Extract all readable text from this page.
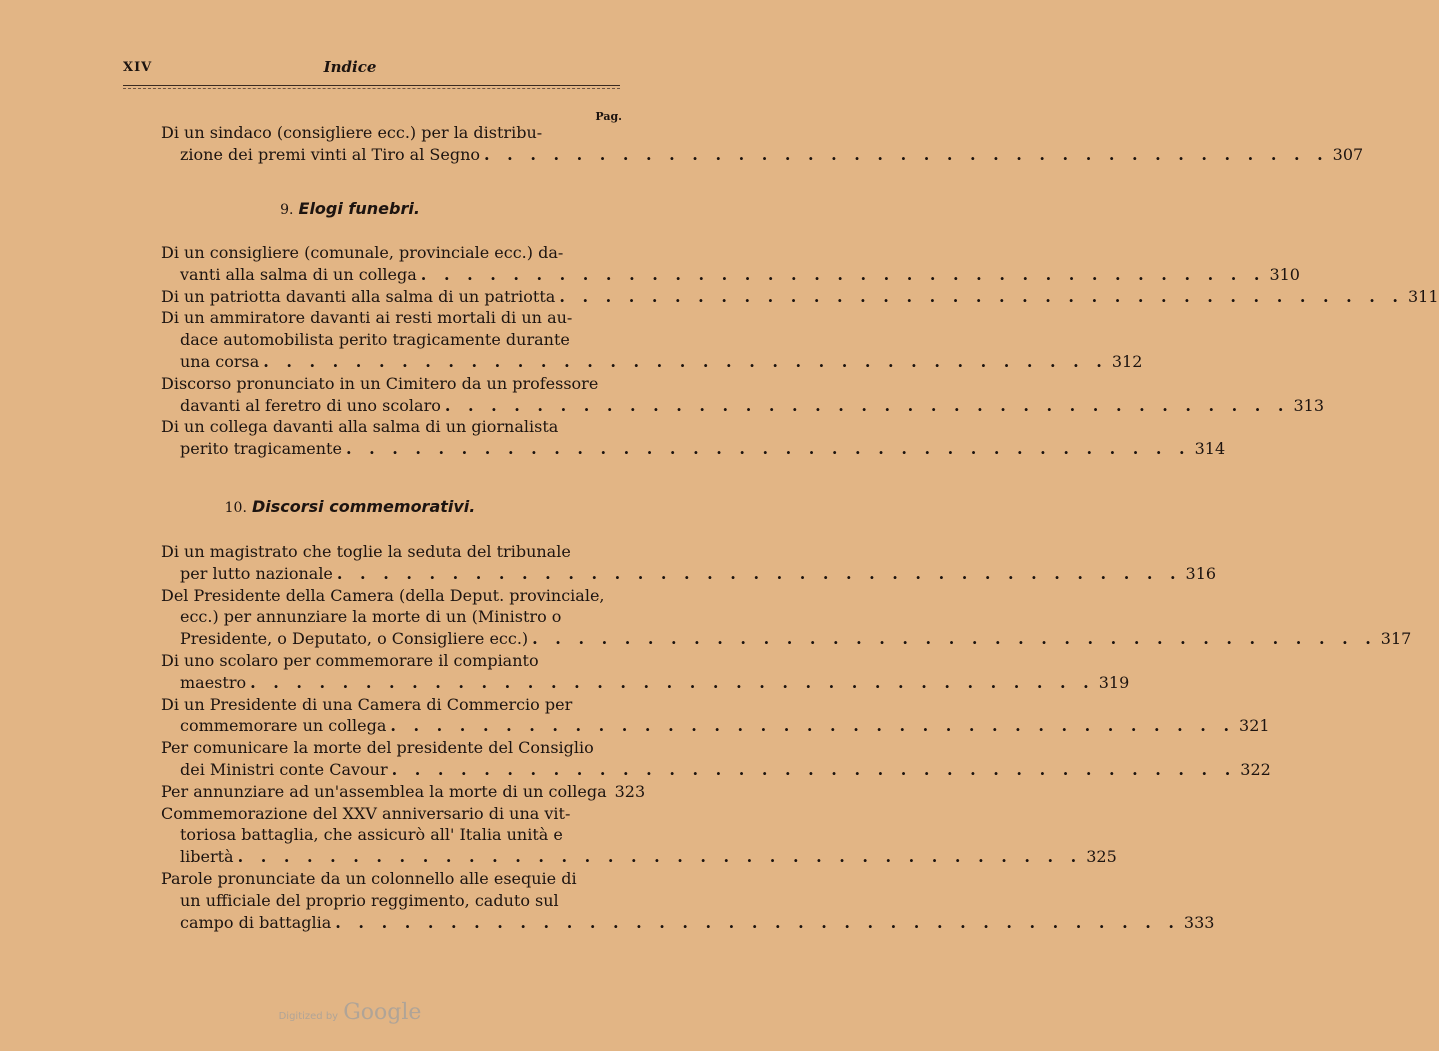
XIV	Indice
Pag.
Di un sindaco (consigliere ecc.) per la distribu-
zione dei premi vinti al Tiro al Segno . . . . . . . . . . . . . . . . . . . . . . . . . . . . . . . . . . . . . 307
9. Elogi funebri.
Di un consigliere (comunale, provinciale ecc.) da-
vanti alla salma di un collega . . . . . . . . . . . . . . . . . . . . . . . . . . . . . . . . . . . . . 310
Di un patriotta davanti alla salma di un patriotta . . . . . . . . . . . . . . . . . . . . . . . . . . . . . . . . . . . . . 311
Di un ammiratore davanti ai resti mortali di un au-
dace automobilista perito tragicamente durante
una corsa . . . . . . . . . . . . . . . . . . . . . . . . . . . . . . . . . . . . . 312
Discorso pronunciato in un Cimitero da un professore
davanti al feretro di uno scolaro . . . . . . . . . . . . . . . . . . . . . . . . . . . . . . . . . . . . . 313
Di un collega davanti alla salma di un giornalista
perito tragicamente . . . . . . . . . . . . . . . . . . . . . . . . . . . . . . . . . . . . . 314
10. Discorsi commemorativi.
Di un magistrato che toglie la seduta del tribunale
per lutto nazionale . . . . . . . . . . . . . . . . . . . . . . . . . . . . . . . . . . . . . 316
Del Presidente della Camera (della Deput. provinciale,
ecc.) per annunziare la morte di un (Ministro o
Presidente, o Deputato, o Consigliere ecc.) . . . . . . . . . . . . . . . . . . . . . . . . . . . . . . . . . . . . . 317
Di uno scolaro per commemorare il compianto
maestro . . . . . . . . . . . . . . . . . . . . . . . . . . . . . . . . . . . . . 319
Di un Presidente di una Camera di Commercio per
commemorare un collega . . . . . . . . . . . . . . . . . . . . . . . . . . . . . . . . . . . . . 321
Per comunicare la morte del presidente del Consiglio
dei Ministri conte Cavour . . . . . . . . . . . . . . . . . . . . . . . . . . . . . . . . . . . . . 322
Per annunziare ad un'assemblea la morte di un collega 323
Commemorazione del XXV anniversario di una vit-
toriosa battaglia, che assicurò all' Italia unità e
libertà . . . . . . . . . . . . . . . . . . . . . . . . . . . . . . . . . . . . . 325
Parole pronunciate da un colonnello alle esequie di
un ufficiale del proprio reggimento, caduto sul
campo di battaglia . . . . . . . . . . . . . . . . . . . . . . . . . . . . . . . . . . . . . 333
Digitized by Google
